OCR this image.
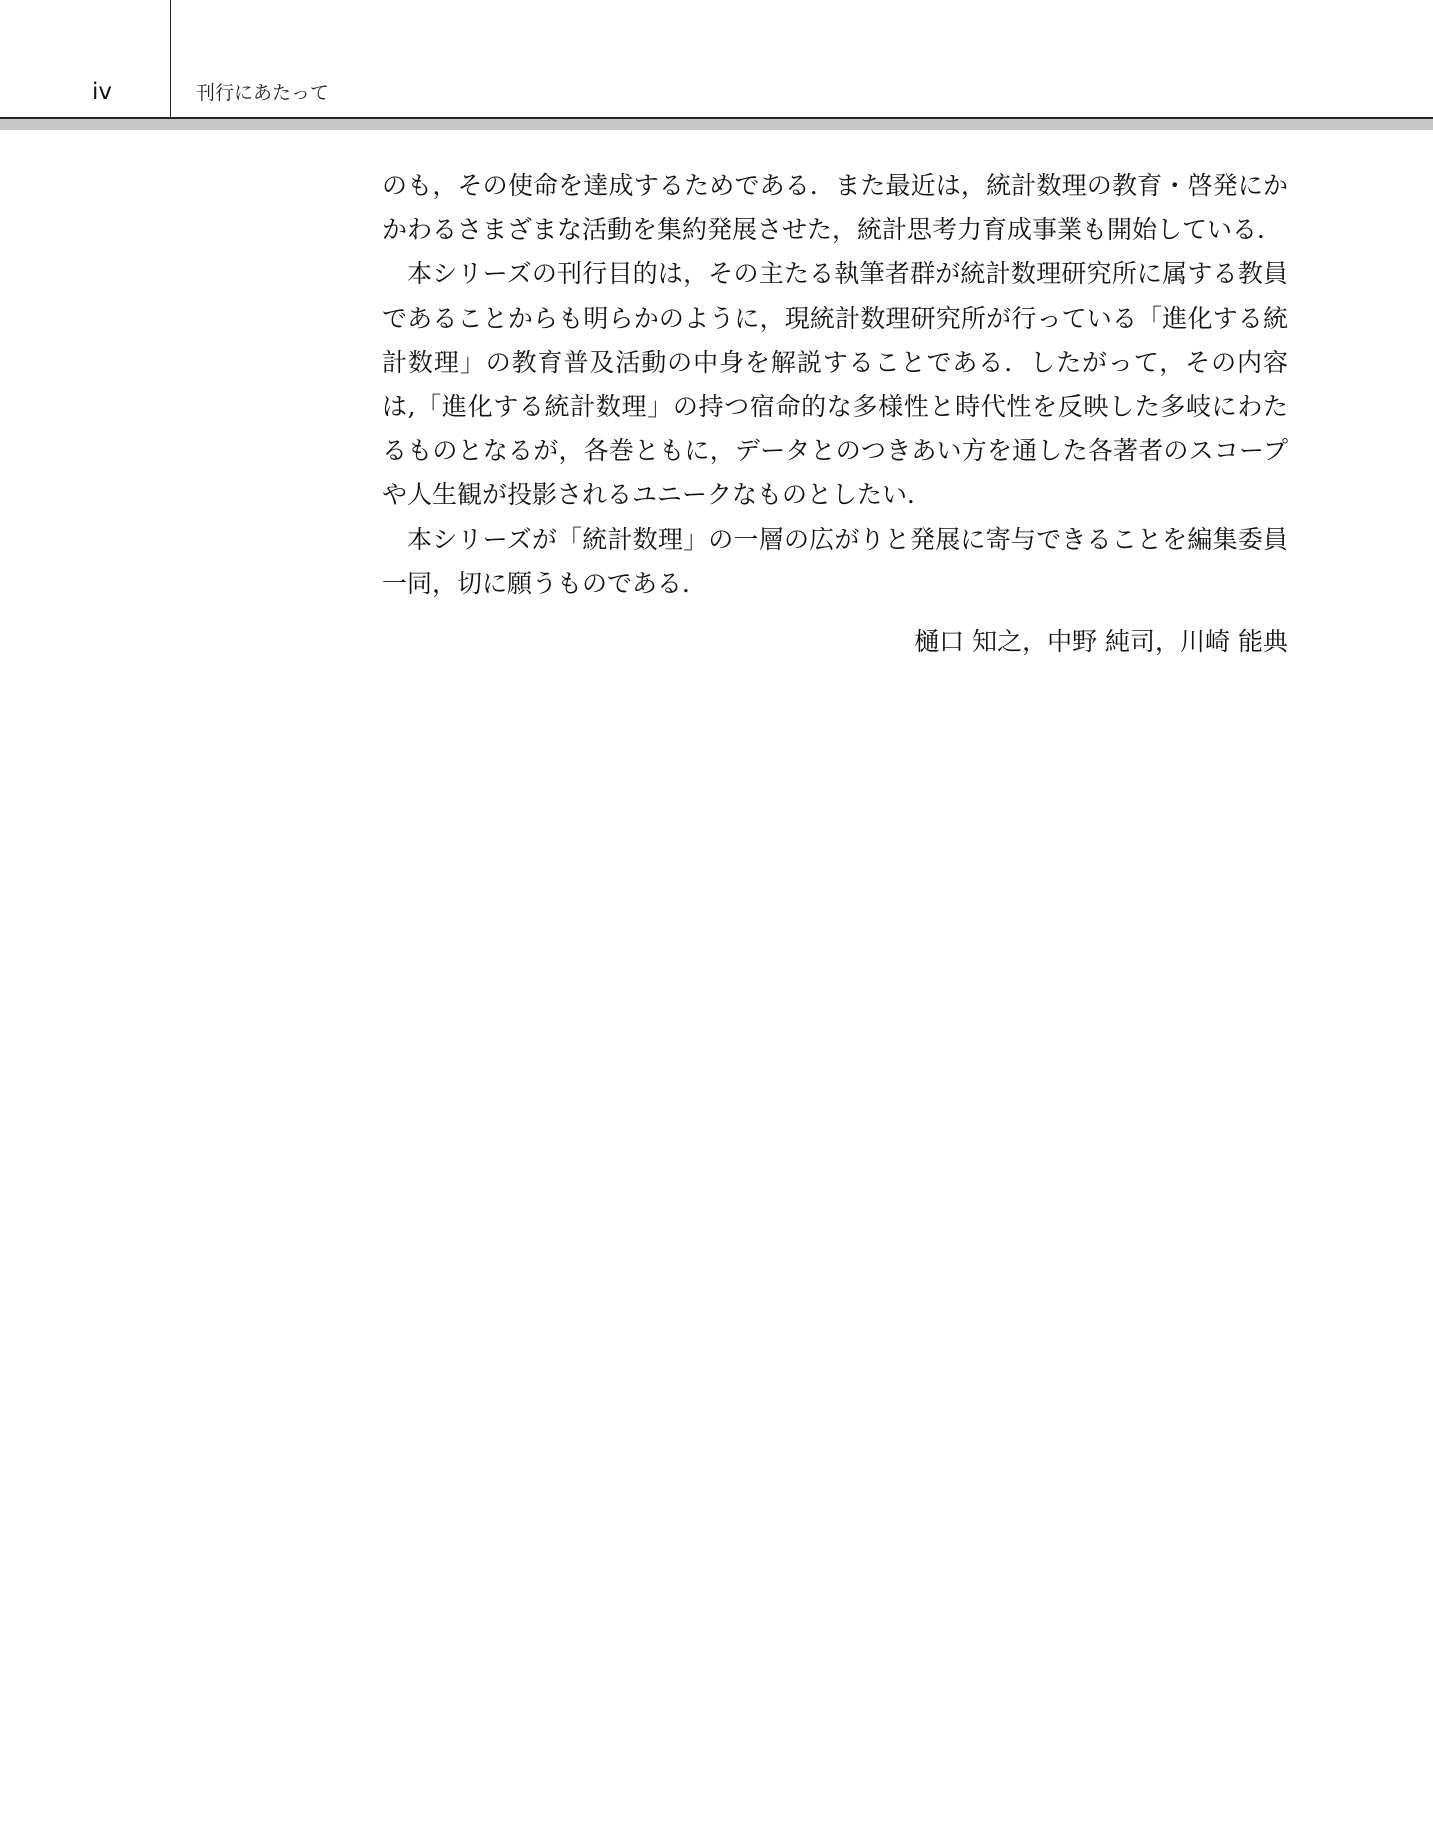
iv	刊行にあたって

のも，その使命を達成するためである．また最近は，統計数理の教育・啓発にかかわるさまざまな活動を集約発展させた，統計思考力育成事業も開始している．

本シリーズの刊行目的は，その主たる執筆者群が統計数理研究所に属する教員であることからも明らかのように，現統計数理研究所が行っている「進化する統計数理」の教育普及活動の中身を解説することである．したがって，その内容は,「進化する統計数理」の持つ宿命的な多様性と時代性を反映した多岐にわたるものとなるが，各巻ともに，データとのつきあい方を通した各著者のスコープや人生観が投影されるユニークなものとしたい．

本シリーズが「統計数理」の一層の広がりと発展に寄与できることを編集委員一同，切に願うものである．

樋口 知之，中野 純司，川崎 能典
